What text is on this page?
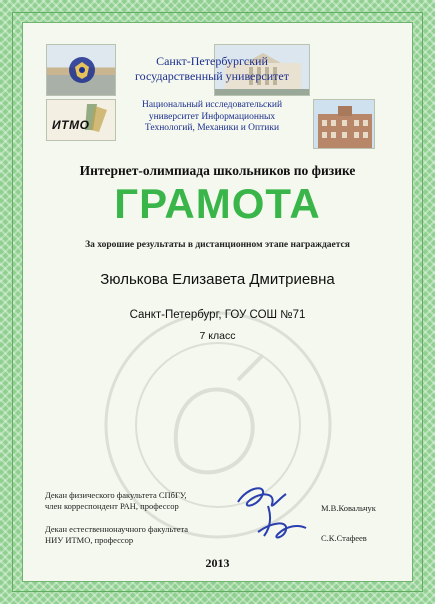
ИТМО
Санкт-Петербургский
государственный университет
Национальный исследовательский
университет Информационных
Технологий, Механики и Оптики
Интернет-олимпиада школьников по физике
ГРАМОТА
За хорошие результаты в дистанционном этапе награждается
Зюлькова Елизавета Дмитриевна
Санкт-Петербург, ГОУ СОШ №71
7 класс
Декан физического факультета СПбГУ,
член корреспондент РАН, профессор	М.В.Ковальчук
Декан естественнонаучного факультета
НИУ ИТМО, профессор	С.К.Стафеев
2013
